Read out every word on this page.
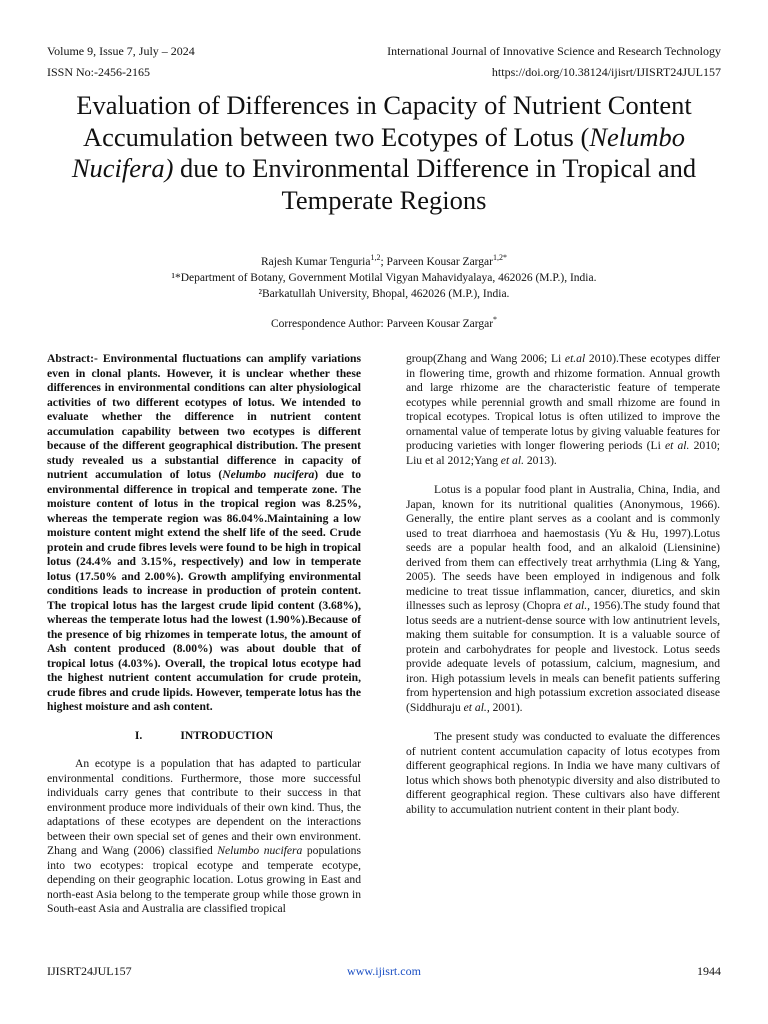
Volume 9, Issue 7, July – 2024	International Journal of Innovative Science and Research Technology
ISSN No:-2456-2165	https://doi.org/10.38124/ijisrt/IJISRT24JUL157
Evaluation of Differences in Capacity of Nutrient Content Accumulation between two Ecotypes of Lotus (Nelumbo Nucifera) due to Environmental Difference in Tropical and Temperate Regions
Rajesh Kumar Tenguria$^{1,2}$; Parveen Kousar Zargar$^{1,2*}$
¹*Department of Botany, Government Motilal Vigyan Mahavidyalaya, 462026 (M.P.), India.
²Barkatullah University, Bhopal, 462026 (M.P.), India.
Correspondence Author: Parveen Kousar Zargar*

Abstract:- Environmental fluctuations can amplify variations even in clonal plants. However, it is unclear whether these differences in environmental conditions can alter physiological activities of two different ecotypes of lotus. We intended to evaluate whether the difference in nutrient content accumulation capability between two ecotypes is different because of the different geographical distribution. The present study revealed us a substantial difference in capacity of nutrient accumulation of lotus (Nelumbo nucifera) due to environmental difference in tropical and temperate zone. The moisture content of lotus in the tropical region was 8.25%, whereas the temperate region was 86.04%.Maintaining a low moisture content might extend the shelf life of the seed. Crude protein and crude fibres levels were found to be high in tropical lotus (24.4% and 3.15%, respectively) and low in temperate lotus (17.50% and 2.00%). Growth amplifying environmental conditions leads to increase in production of protein content. The tropical lotus has the largest crude lipid content (3.68%), whereas the temperate lotus had the lowest (1.90%).Because of the presence of big rhizomes in temperate lotus, the amount of Ash content produced (8.00%) was about double that of tropical lotus (4.03%). Overall, the tropical lotus ecotype had the highest nutrient content accumulation for crude protein, crude fibres and crude lipids. However, temperate lotus has the highest moisture and ash content.

I.	INTRODUCTION

An ecotype is a population that has adapted to particular environmental conditions. Furthermore, those more successful individuals carry genes that contribute to their success in that environment produce more individuals of their own kind. Thus, the adaptations of these ecotypes are dependent on the interactions between their own special set of genes and their own environment. Zhang and Wang (2006) classified Nelumbo nucifera populations into two ecotypes: tropical ecotype and temperate ecotype, depending on their geographic location. Lotus growing in East and north-east Asia belong to the temperate group while those grown in South-east Asia and Australia are classified tropical

group(Zhang and Wang 2006; Li et.al 2010).These ecotypes differ in flowering time, growth and rhizome formation. Annual growth and large rhizome are the characteristic feature of temperate ecotypes while perennial growth and small rhizome are found in tropical ecotypes. Tropical lotus is often utilized to improve the ornamental value of temperate lotus by giving valuable features for producing varieties with longer flowering periods (Li et al. 2010; Liu et al 2012;Yang et al. 2013).

Lotus is a popular food plant in Australia, China, India, and Japan, known for its nutritional qualities (Anonymous, 1966). Generally, the entire plant serves as a coolant and is commonly used to treat diarrhoea and haemostasis (Yu & Hu, 1997).Lotus seeds are a popular health food, and an alkaloid (Liensinine) derived from them can effectively treat arrhythmia (Ling & Yang, 2005). The seeds have been employed in indigenous and folk medicine to treat tissue inflammation, cancer, diuretics, and skin illnesses such as leprosy (Chopra et al., 1956).The study found that lotus seeds are a nutrient-dense source with low antinutrient levels, making them suitable for consumption. It is a valuable source of protein and carbohydrates for people and livestock. Lotus seeds provide adequate levels of potassium, calcium, magnesium, and iron. High potassium levels in meals can benefit patients suffering from hypertension and high potassium excretion associated disease (Siddhuraju et al., 2001).

The present study was conducted to evaluate the differences of nutrient content accumulation capacity of lotus ecotypes from different geographical regions. In India we have many cultivars of lotus which shows both phenotypic diversity and also distributed to different geographical region. These cultivars also have different ability to accumulation nutrient content in their plant body.

IJISRT24JUL157	www.ijisrt.com	1944
